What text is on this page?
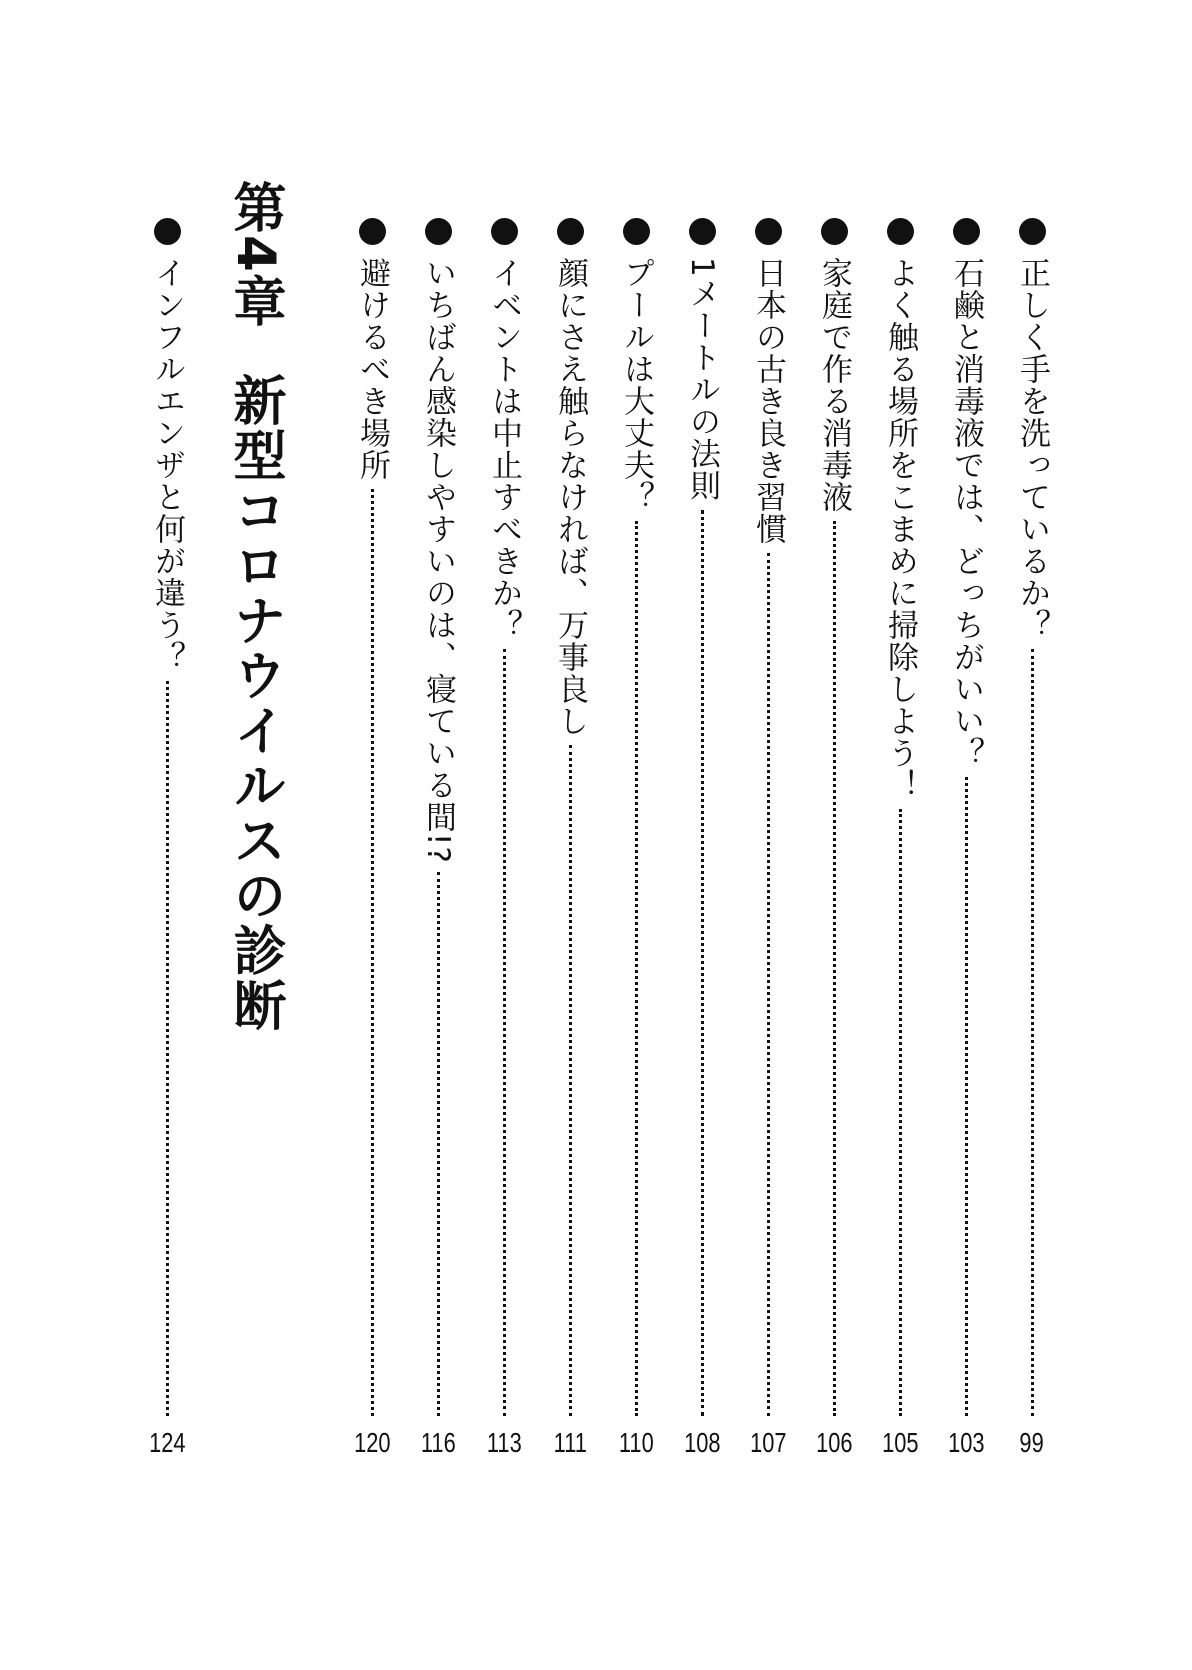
正しく手を洗っているか？
99
石鹸と消毒液では、どっちがいい？
103
よく触る場所をこまめに掃除しよう！
105
家庭で作る消毒液
106
日本の古き良き習慣
107
1メートルの法則
108
プールは大丈夫？
110
顔にさえ触らなければ、万事良し
111
イベントは中止すべきか？
113
いちばん感染しやすいのは、寝ている間!?
116
避けるべき場所
120
第4章新型コロナウイルスの診断
インフルエンザと何が違う？
124
